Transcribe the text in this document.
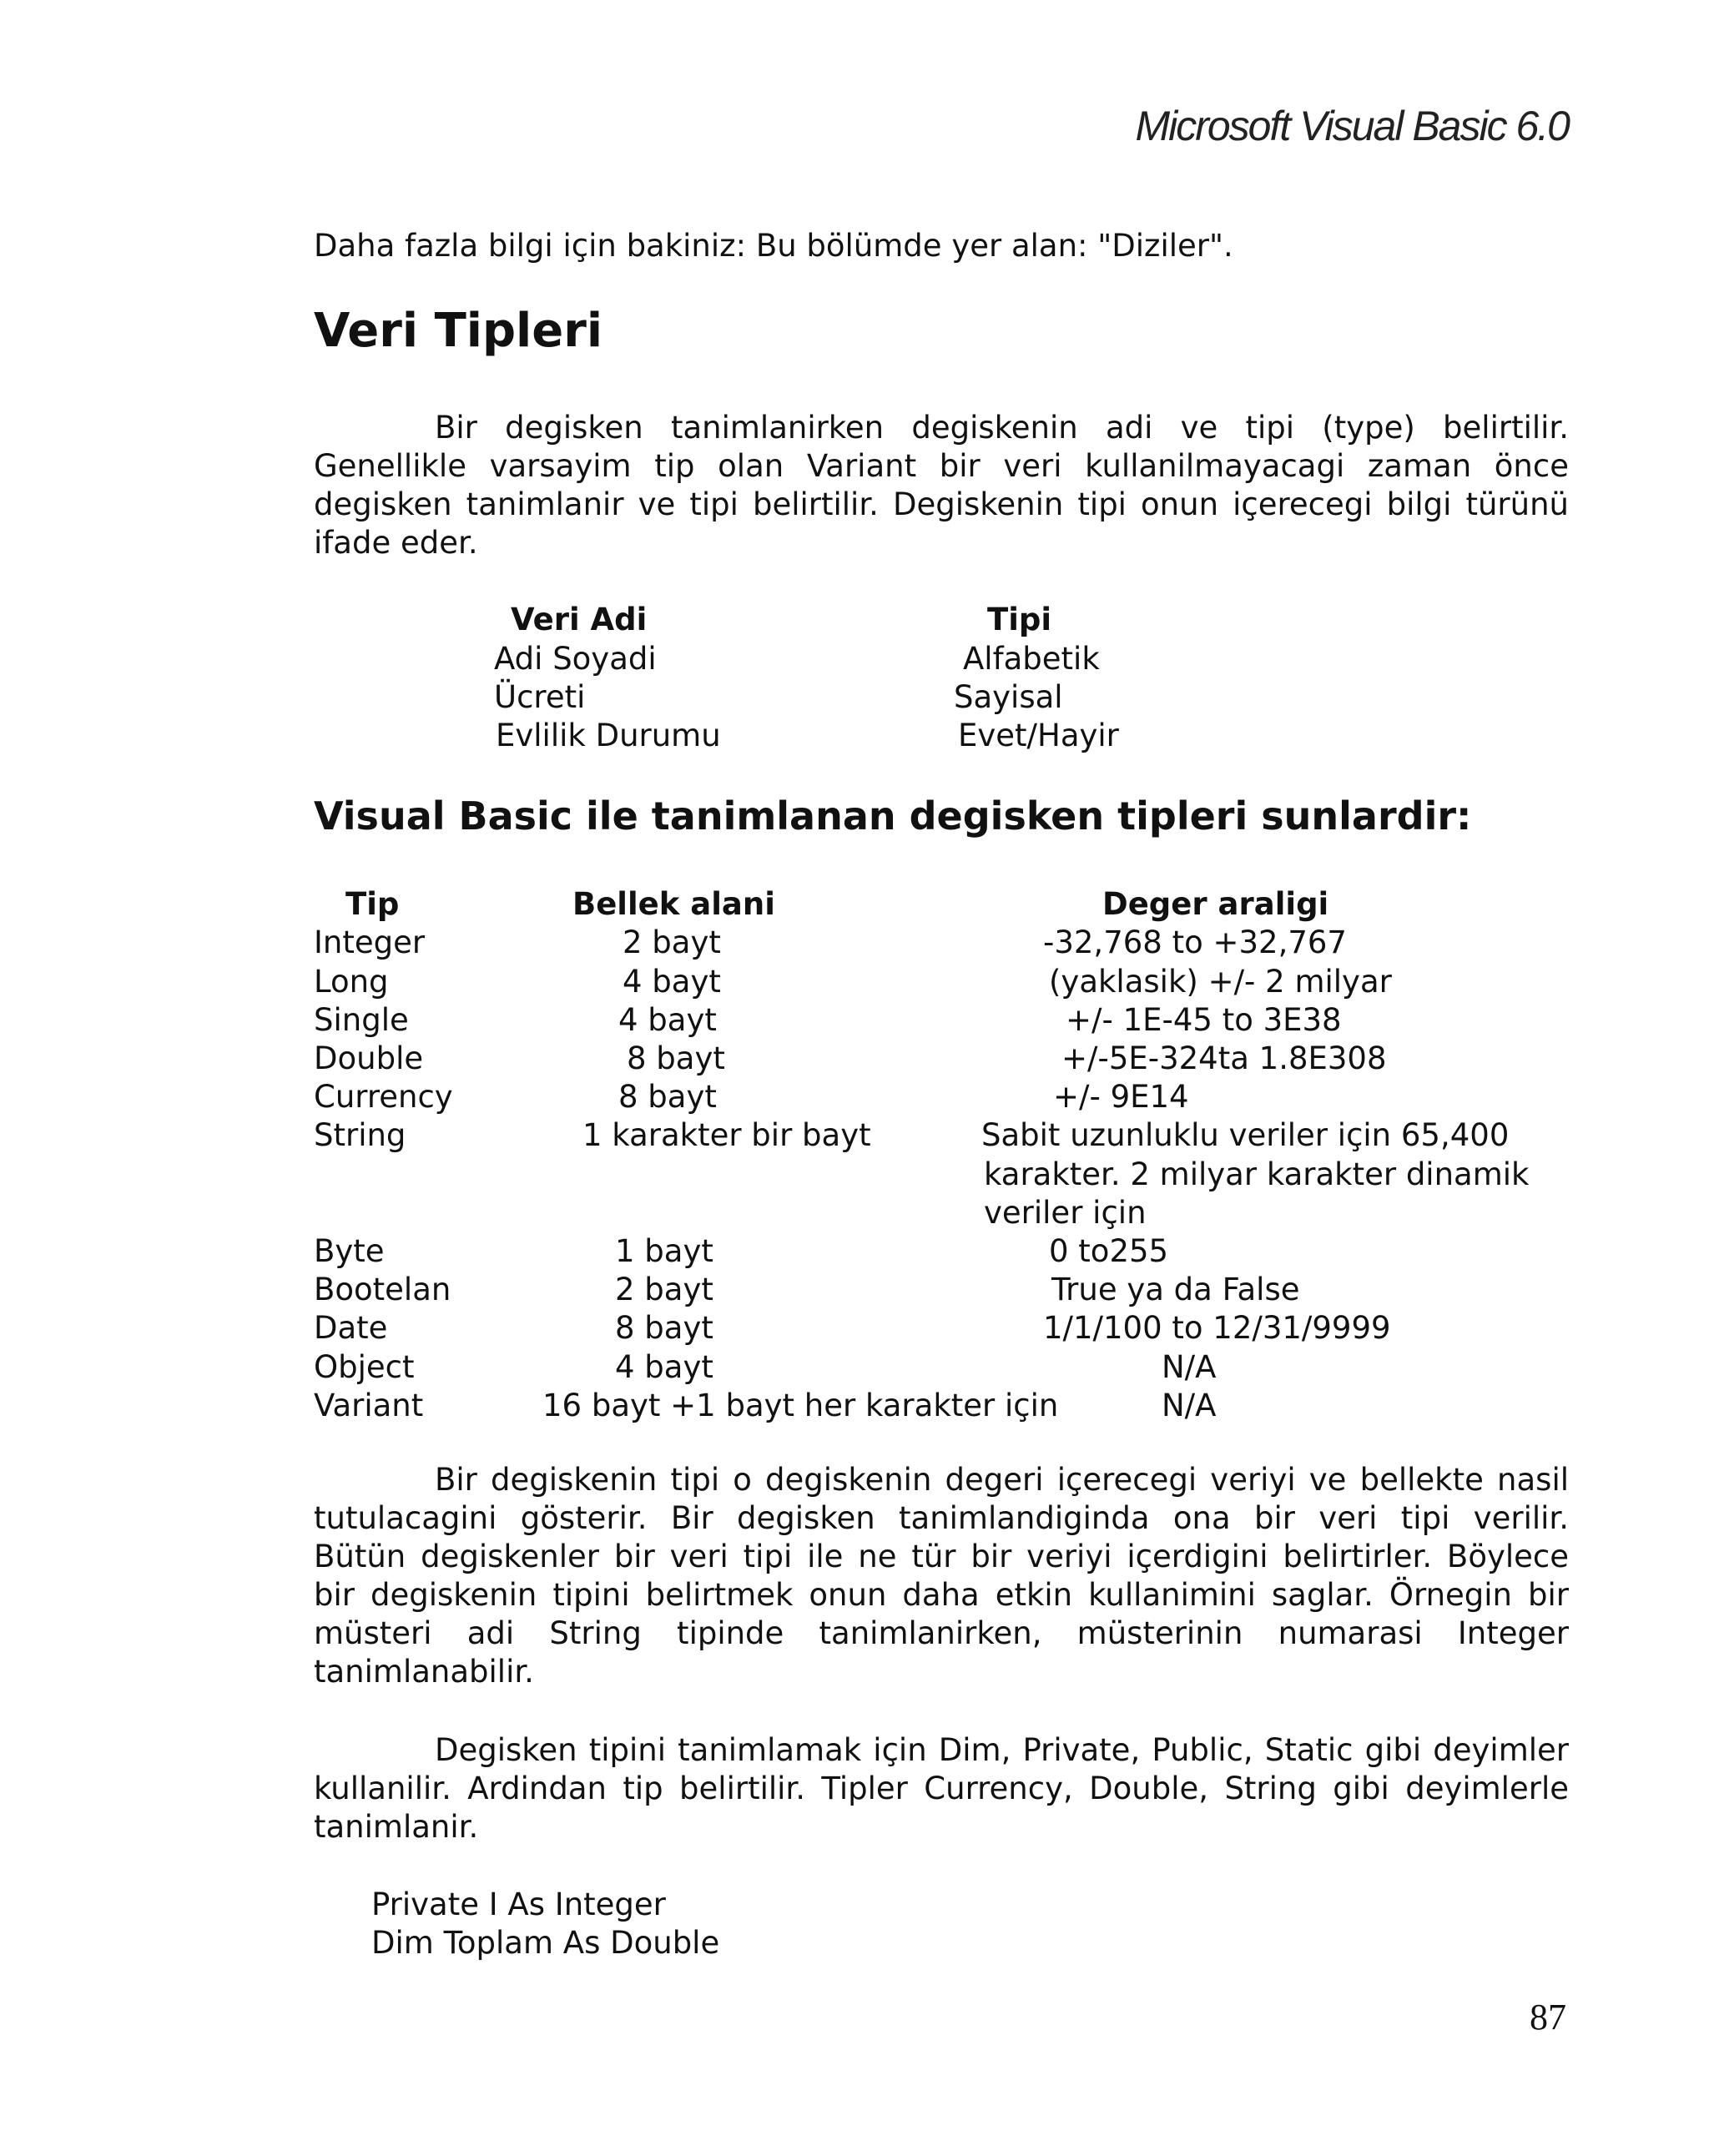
Microsoft Visual Basic 6.0
Daha fazla bilgi için bakiniz: Bu bölümde yer alan: "Diziler".
Veri Tipleri
Bir degisken tanimlanirken degiskenin adi ve tipi (type) belirtilir.
Genellikle varsayim tip olan Variant bir veri kullanilmayacagi zaman önce
degisken tanimlanir ve tipi belirtilir. Degiskenin tipi onun içerecegi bilgi türünü
ifade eder.
Veri Adi	Tipi
Adi Soyadi	Alfabetik
Ücreti	Sayisal
Evlilik Durumu	Evet/Hayir
Visual Basic ile tanimlanan degisken tipleri sunlardir:
Tip	Bellek alani	Deger araligi
Integer	2 bayt	-32,768 to +32,767
Long	4 bayt	(yaklasik) +/- 2 milyar
Single	4 bayt	+/- 1E-45 to 3E38
Double	8 bayt	+/-5E-324ta 1.8E308
Currency	8 bayt	+/- 9E14
String	1 karakter bir bayt	Sabit uzunluklu veriler için 65,400
karakter. 2 milyar karakter dinamik
veriler için
Byte	1 bayt	0 to255
Bootelan	2 bayt	True ya da False
Date	8 bayt	1/1/100 to 12/31/9999
Object	4 bayt	N/A
Variant	16 bayt +1 bayt her karakter için	N/A
Bir degiskenin tipi o degiskenin degeri içerecegi veriyi ve bellekte nasil
tutulacagini gösterir. Bir degisken tanimlandiginda ona bir veri tipi verilir.
Bütün degiskenler bir veri tipi ile ne tür bir veriyi içerdigini belirtirler. Böylece
bir degiskenin tipini belirtmek onun daha etkin kullanimini saglar. Örnegin bir
müsteri adi String tipinde tanimlanirken, müsterinin numarasi Integer
tanimlanabilir.
Degisken tipini tanimlamak için Dim, Private, Public, Static gibi deyimler
kullanilir. Ardindan tip belirtilir. Tipler Currency, Double, String gibi deyimlerle
tanimlanir.
Private I As Integer
Dim Toplam As Double
87
